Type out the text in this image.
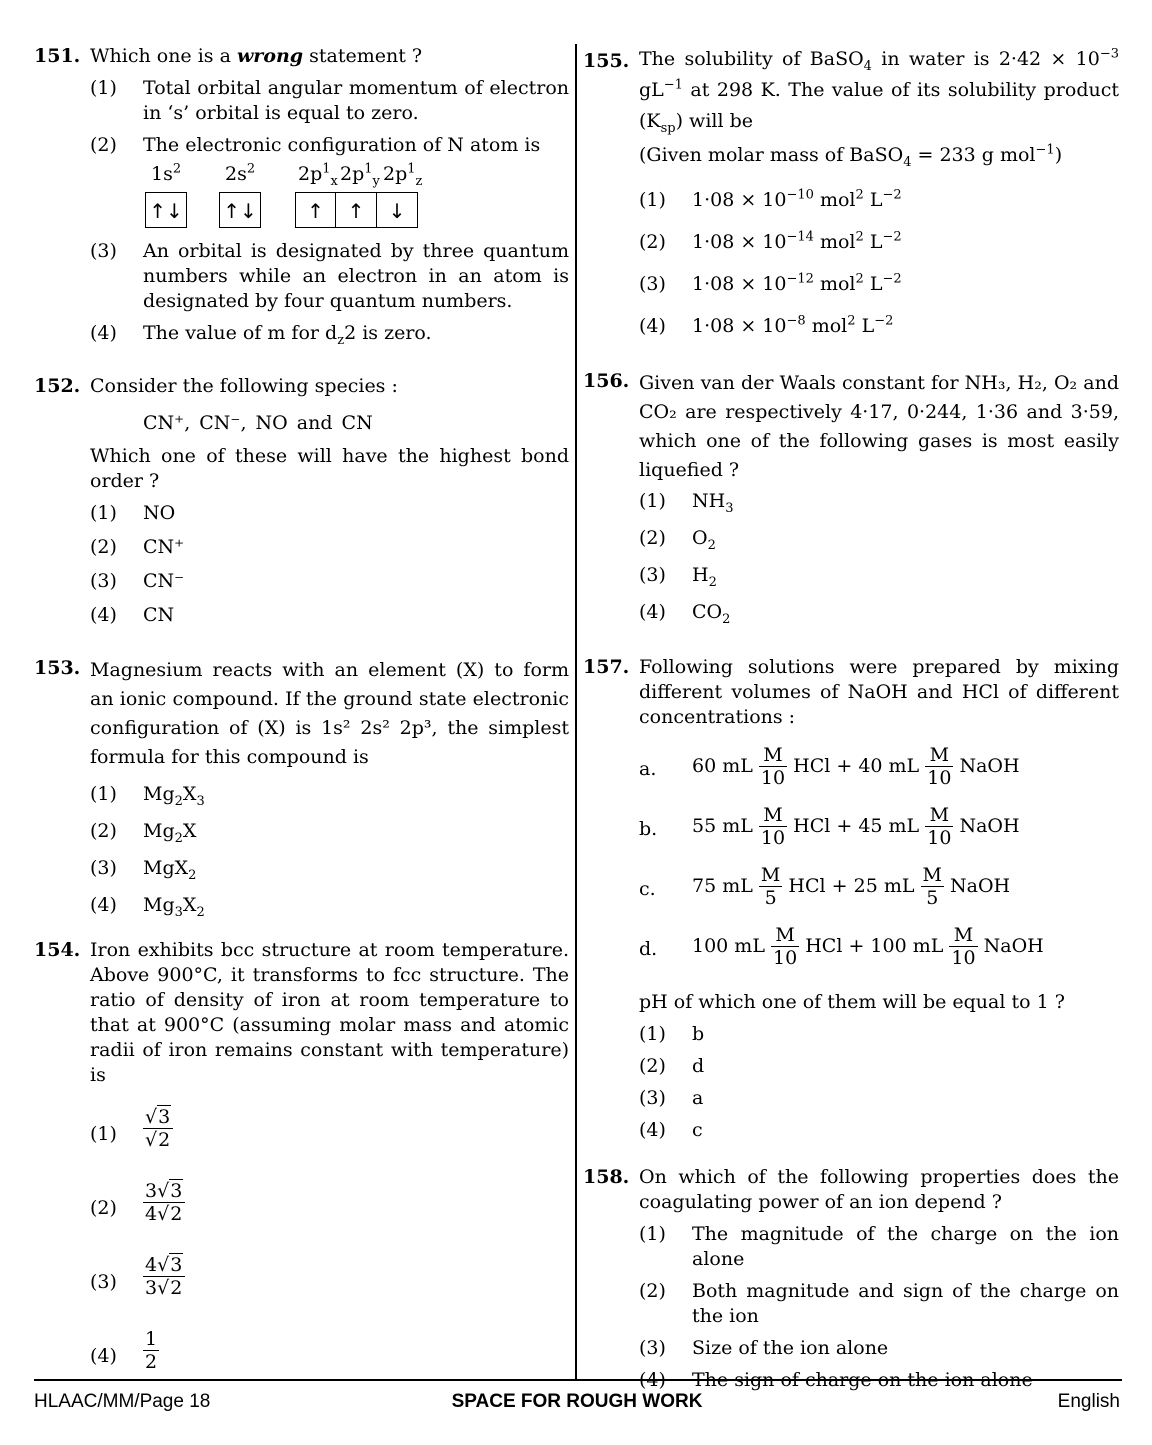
151. Which one is a wrong statement ?
(1) Total orbital angular momentum of electron in ‘s’ orbital is equal to zero.
(2) The electronic configuration of N atom is
$1s^2$ $2s^2$ $2p^1_x$ $2p^1_y$ $2p^1_z$
↑↓ ↑↓	↑	↑	↓
(3) An orbital is designated by three quantum numbers while an electron in an atom is designated by four quantum numbers.
(4) The value of m for $d_z2$ is zero.
152. Consider the following species :
CN⁺, CN⁻, NO and CN
Which one of these will have the highest bond order ?
(1) NO
(2) CN⁺
(3) CN⁻
(4) CN
153. Magnesium reacts with an element (X) to form an ionic compound. If the ground state electronic configuration of (X) is 1s² 2s² 2p³, the simplest formula for this compound is
(1) $Mg_2X_3$
(2) $Mg_2X$
(3) MgX$_2$
(4) $Mg_3X_2$
154. Iron exhibits bcc structure at room temperature. Above 900°C, it transforms to fcc structure. The ratio of density of iron at room temperature to that at 900°C (assuming molar mass and atomic radii of iron remains constant with temperature) is
$(1) \frac{√3}{√2}$
$(2) \frac{3√3}{4√2}$
$(3) \frac{4√3}{3√2}$
$(4) \frac{1}{2}$
155. The solubility of BaSO$_4$ in water is $2\cdot 42 \times 10^{-3}$ $gL^{-1}$ at 298 K. The value of its solubility product $(K_{sp})$ will be
(Given molar mass of BaSO$_4$ = 233 g mol$^{-1}$)
(1) $1\cdot 08 \times 10^{-10}$ mol$^2$ $L^{-2}$
(2) $1\cdot 08 \times 10^{-14}$ mol$^2$ $L^{-2}$
(3) $1\cdot 08 \times 10^{-12}$ mol$^2$ $L^{-2}$
(4) $1\cdot 08 \times 10^{-8}$ mol$^2$ $L^{-2}$
156. Given van der Waals constant for NH₃, H₂, O₂ and CO₂ are respectively 4·17, 0·244, 1·36 and 3·59, which one of the following gases is most easily liquefied ?
(1) $NH_3$
(2) $O_2$
(3) $H_2$
(4) $CO_2$
157. Following solutions were prepared by mixing different volumes of NaOH and HCl of different concentrations :
a. 60 mL $\frac{M}{10}$ HCl + 40 mL $\frac{M}{10}$ NaOH
b. 55 mL $\frac{M}{10}$ HCl + 45 mL $\frac{M}{10}$ NaOH
c. 75 mL $\frac{M}{5}$ HCl + 25 mL $\frac{M}{5}$ NaOH
d. 100 mL $\frac{M}{10}$ HCl + 100 mL $\frac{M}{10}$ NaOH
pH of which one of them will be equal to 1 ?
(1) b
(2) d
(3) a
(4) c
158. On which of the following properties does the coagulating power of an ion depend ?
(1) The magnitude of the charge on the ion alone
(2) Both magnitude and sign of the charge on the ion
(3) Size of the ion alone
(4) The sign of charge on the ion alone
HLAAC/MM/Page 18	SPACE FOR ROUGH WORK	English
